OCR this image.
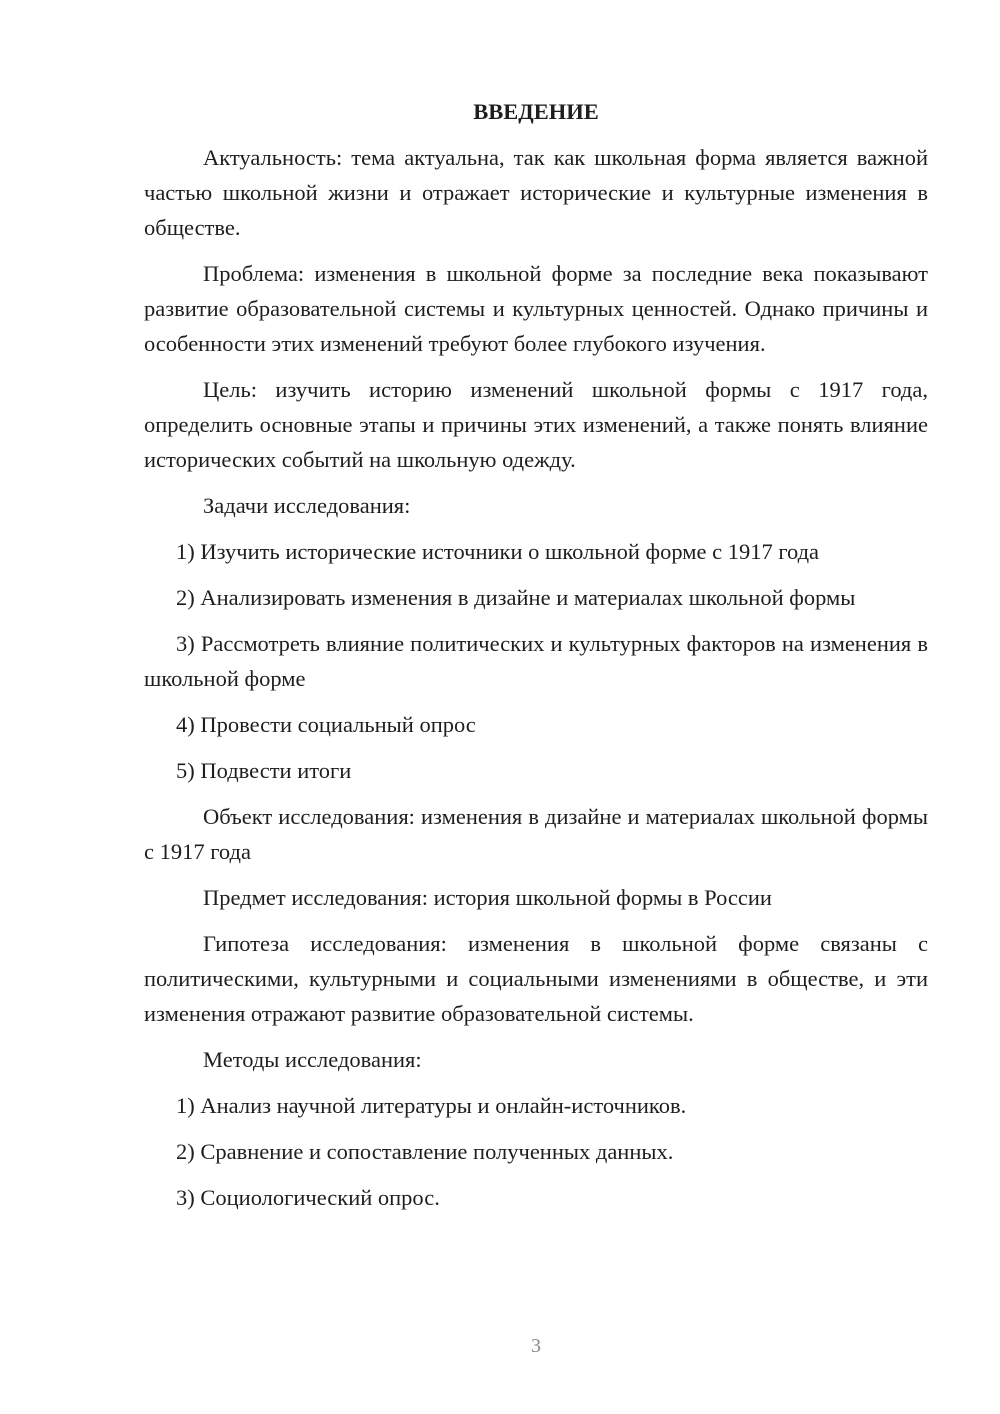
ВВЕДЕНИЕ

Актуальность: тема актуальна, так как школьная форма является важной частью школьной жизни и отражает исторические и культурные изменения в обществе.

Проблема: изменения в школьной форме за последние века показывают развитие образовательной системы и культурных ценностей. Однако причины и особенности этих изменений требуют более глубокого изучения.

Цель: изучить историю изменений школьной формы с 1917 года, определить основные этапы и причины этих изменений, а также понять влияние исторических событий на школьную одежду.

Задачи исследования:

1) Изучить исторические источники о школьной форме с 1917 года

2) Анализировать изменения в дизайне и материалах школьной формы

3) Рассмотреть влияние политических и культурных факторов на изменения в школьной форме

4) Провести социальный опрос

5) Подвести итоги

Объект исследования: изменения в дизайне и материалах школьной формы с 1917 года

Предмет исследования: история школьной формы в России

Гипотеза исследования: изменения в школьной форме связаны с политическими, культурными и социальными изменениями в обществе, и эти изменения отражают развитие образовательной системы.

Методы исследования:

1) Анализ научной литературы и онлайн-источников.

2) Сравнение и сопоставление полученных данных.

3) Социологический опрос.

3
